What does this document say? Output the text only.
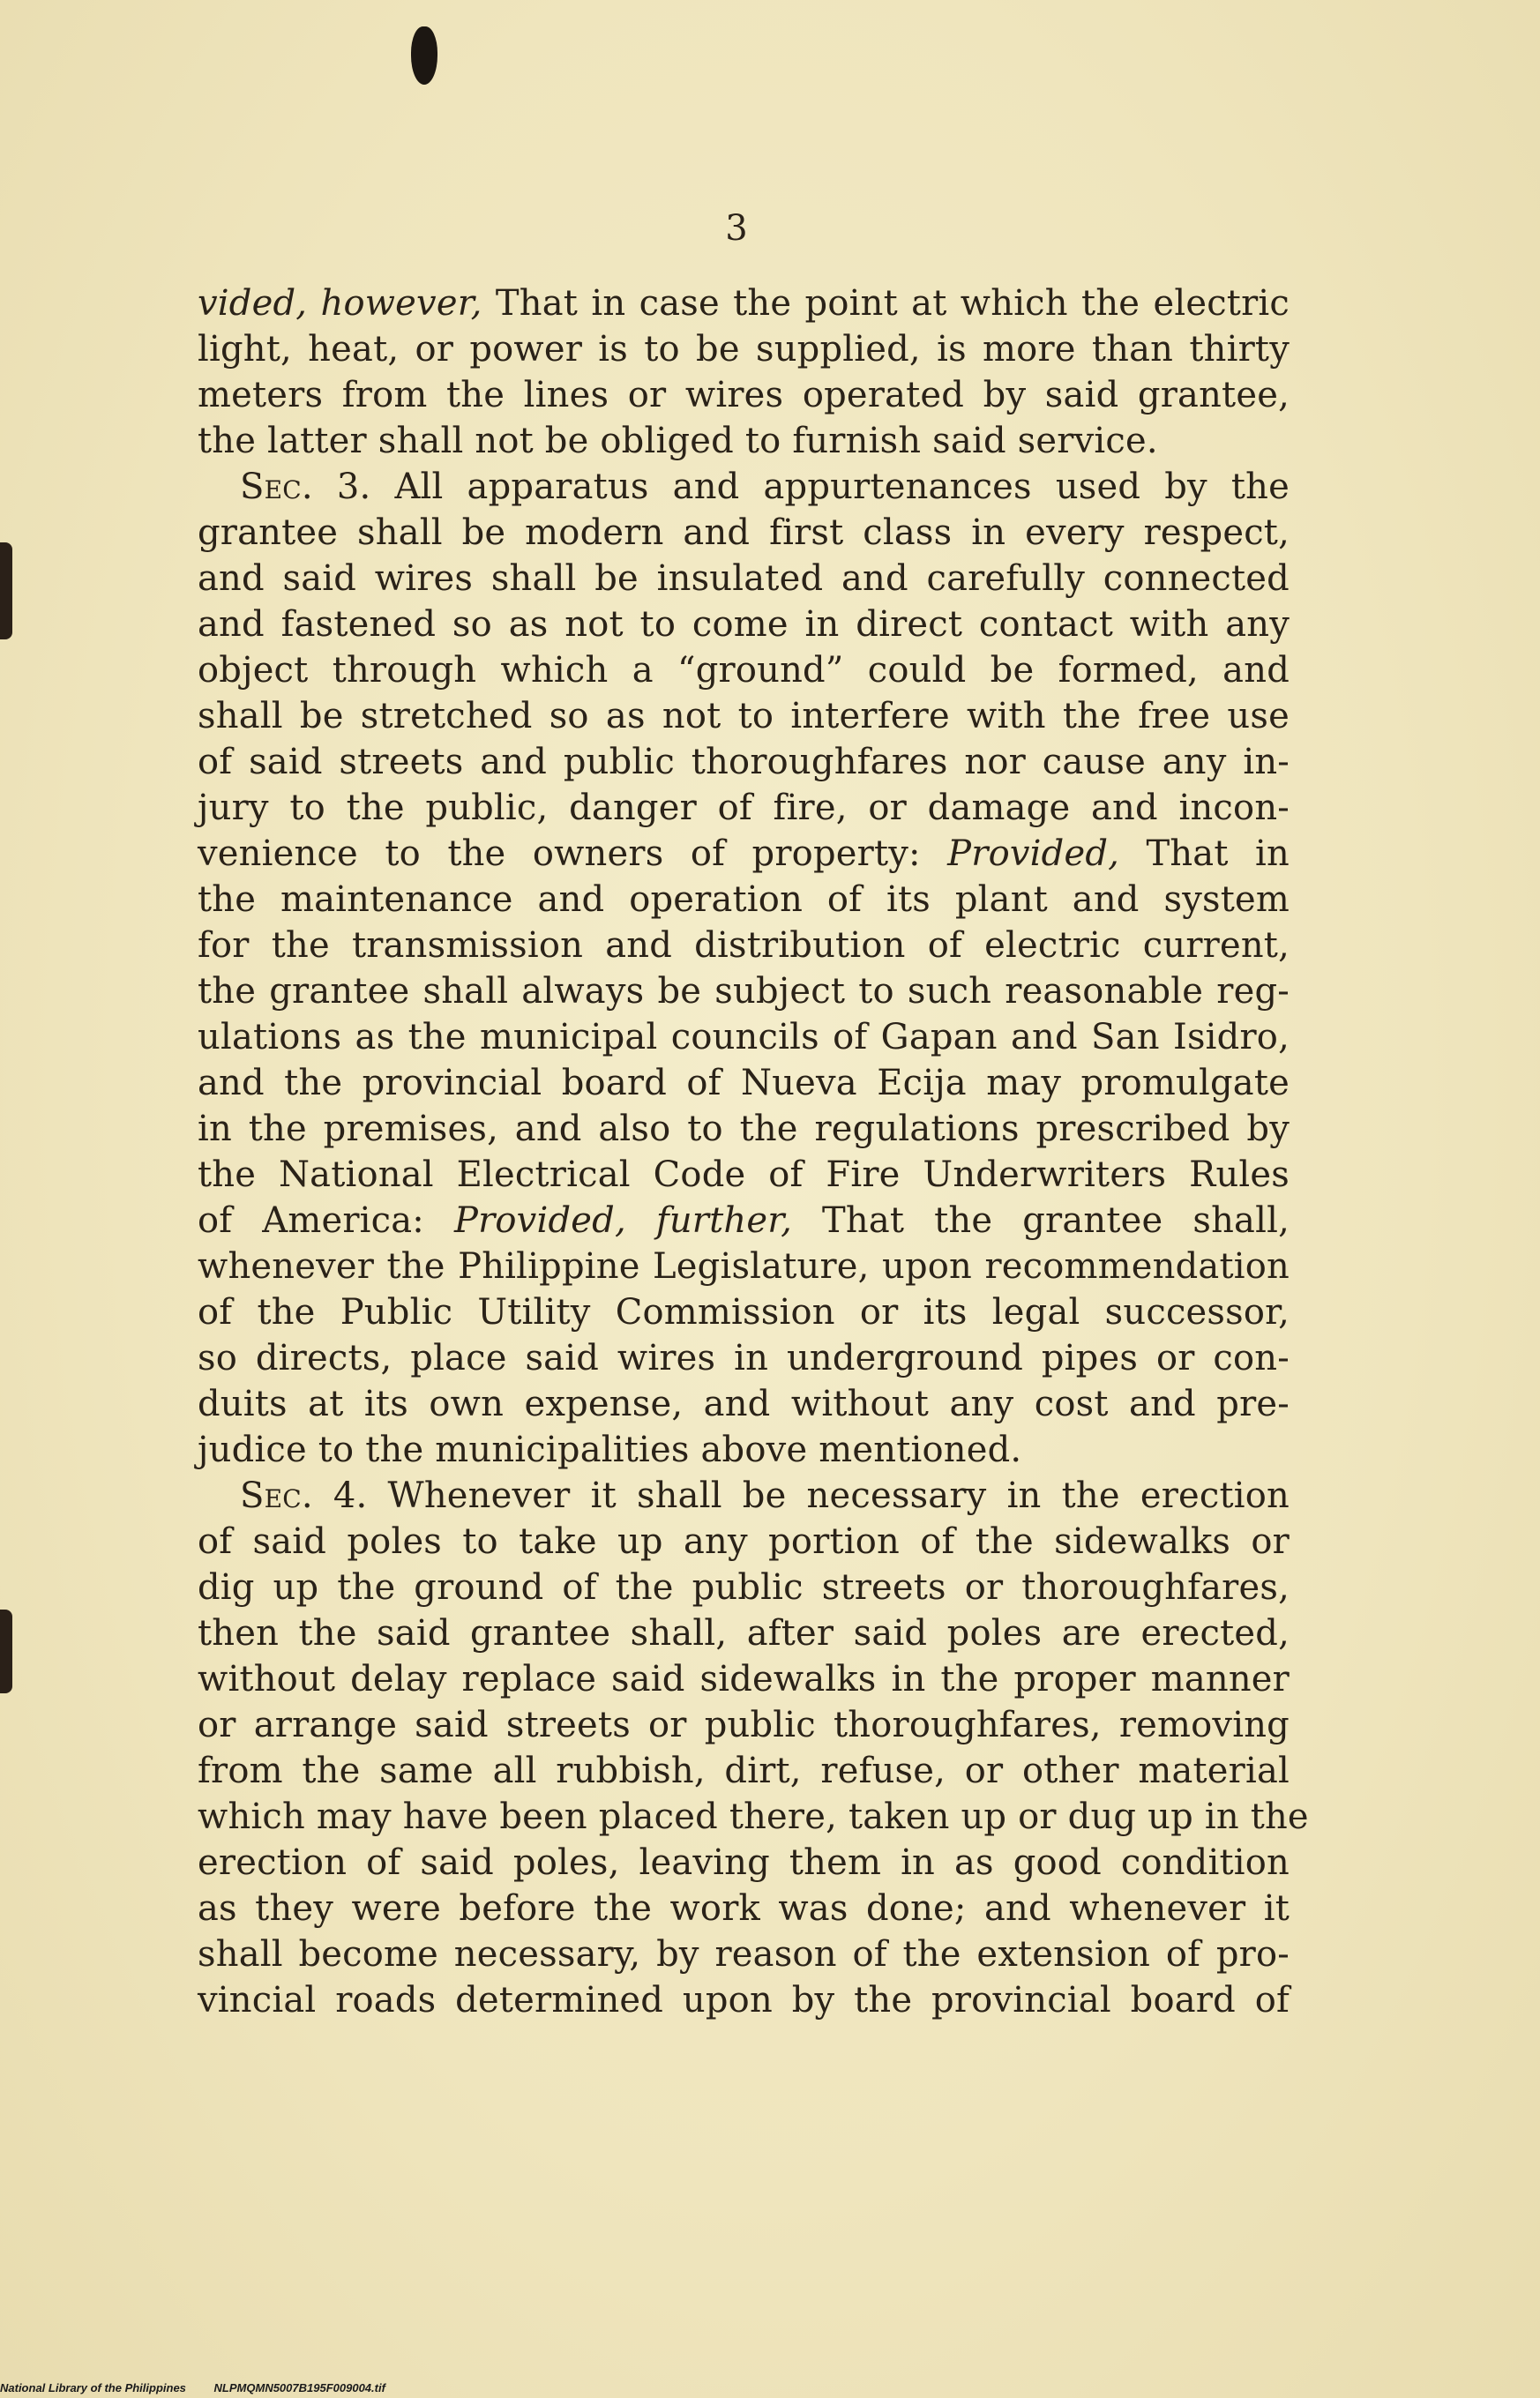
3
vided, however, That in case the point at which the electric
light, heat, or power is to be supplied, is more than thirty
meters from the lines or wires operated by said grantee,
the latter shall not be obliged to furnish said service.
Sec. 3. All apparatus and appurtenances used by the
grantee shall be modern and first class in every respect,
and said wires shall be insulated and carefully connected
and fastened so as not to come in direct contact with any
object through which a “ground” could be formed, and
shall be stretched so as not to interfere with the free use
of said streets and public thoroughfares nor cause any in-
jury to the public, danger of fire, or damage and incon-
venience to the owners of property: Provided, That in
the maintenance and operation of its plant and system
for the transmission and distribution of electric current,
the grantee shall always be subject to such reasonable reg-
ulations as the municipal councils of Gapan and San Isidro,
and the provincial board of Nueva Ecija may promulgate
in the premises, and also to the regulations prescribed by
the National Electrical Code of Fire Underwriters Rules
of America: Provided, further, That the grantee shall,
whenever the Philippine Legislature, upon recommendation
of the Public Utility Commission or its legal successor,
so directs, place said wires in underground pipes or con-
duits at its own expense, and without any cost and pre-
judice to the municipalities above mentioned.
Sec. 4. Whenever it shall be necessary in the erection
of said poles to take up any portion of the sidewalks or
dig up the ground of the public streets or thoroughfares,
then the said grantee shall, after said poles are erected,
without delay replace said sidewalks in the proper manner
or arrange said streets or public thoroughfares, removing
from the same all rubbish, dirt, refuse, or other material
which may have been placed there, taken up or dug up in the
erection of said poles, leaving them in as good condition
as they were before the work was done; and whenever it
shall become necessary, by reason of the extension of pro-
vincial roads determined upon by the provincial board of
National Library of the Philippines NLPMQMN5007B195F009004.tif
